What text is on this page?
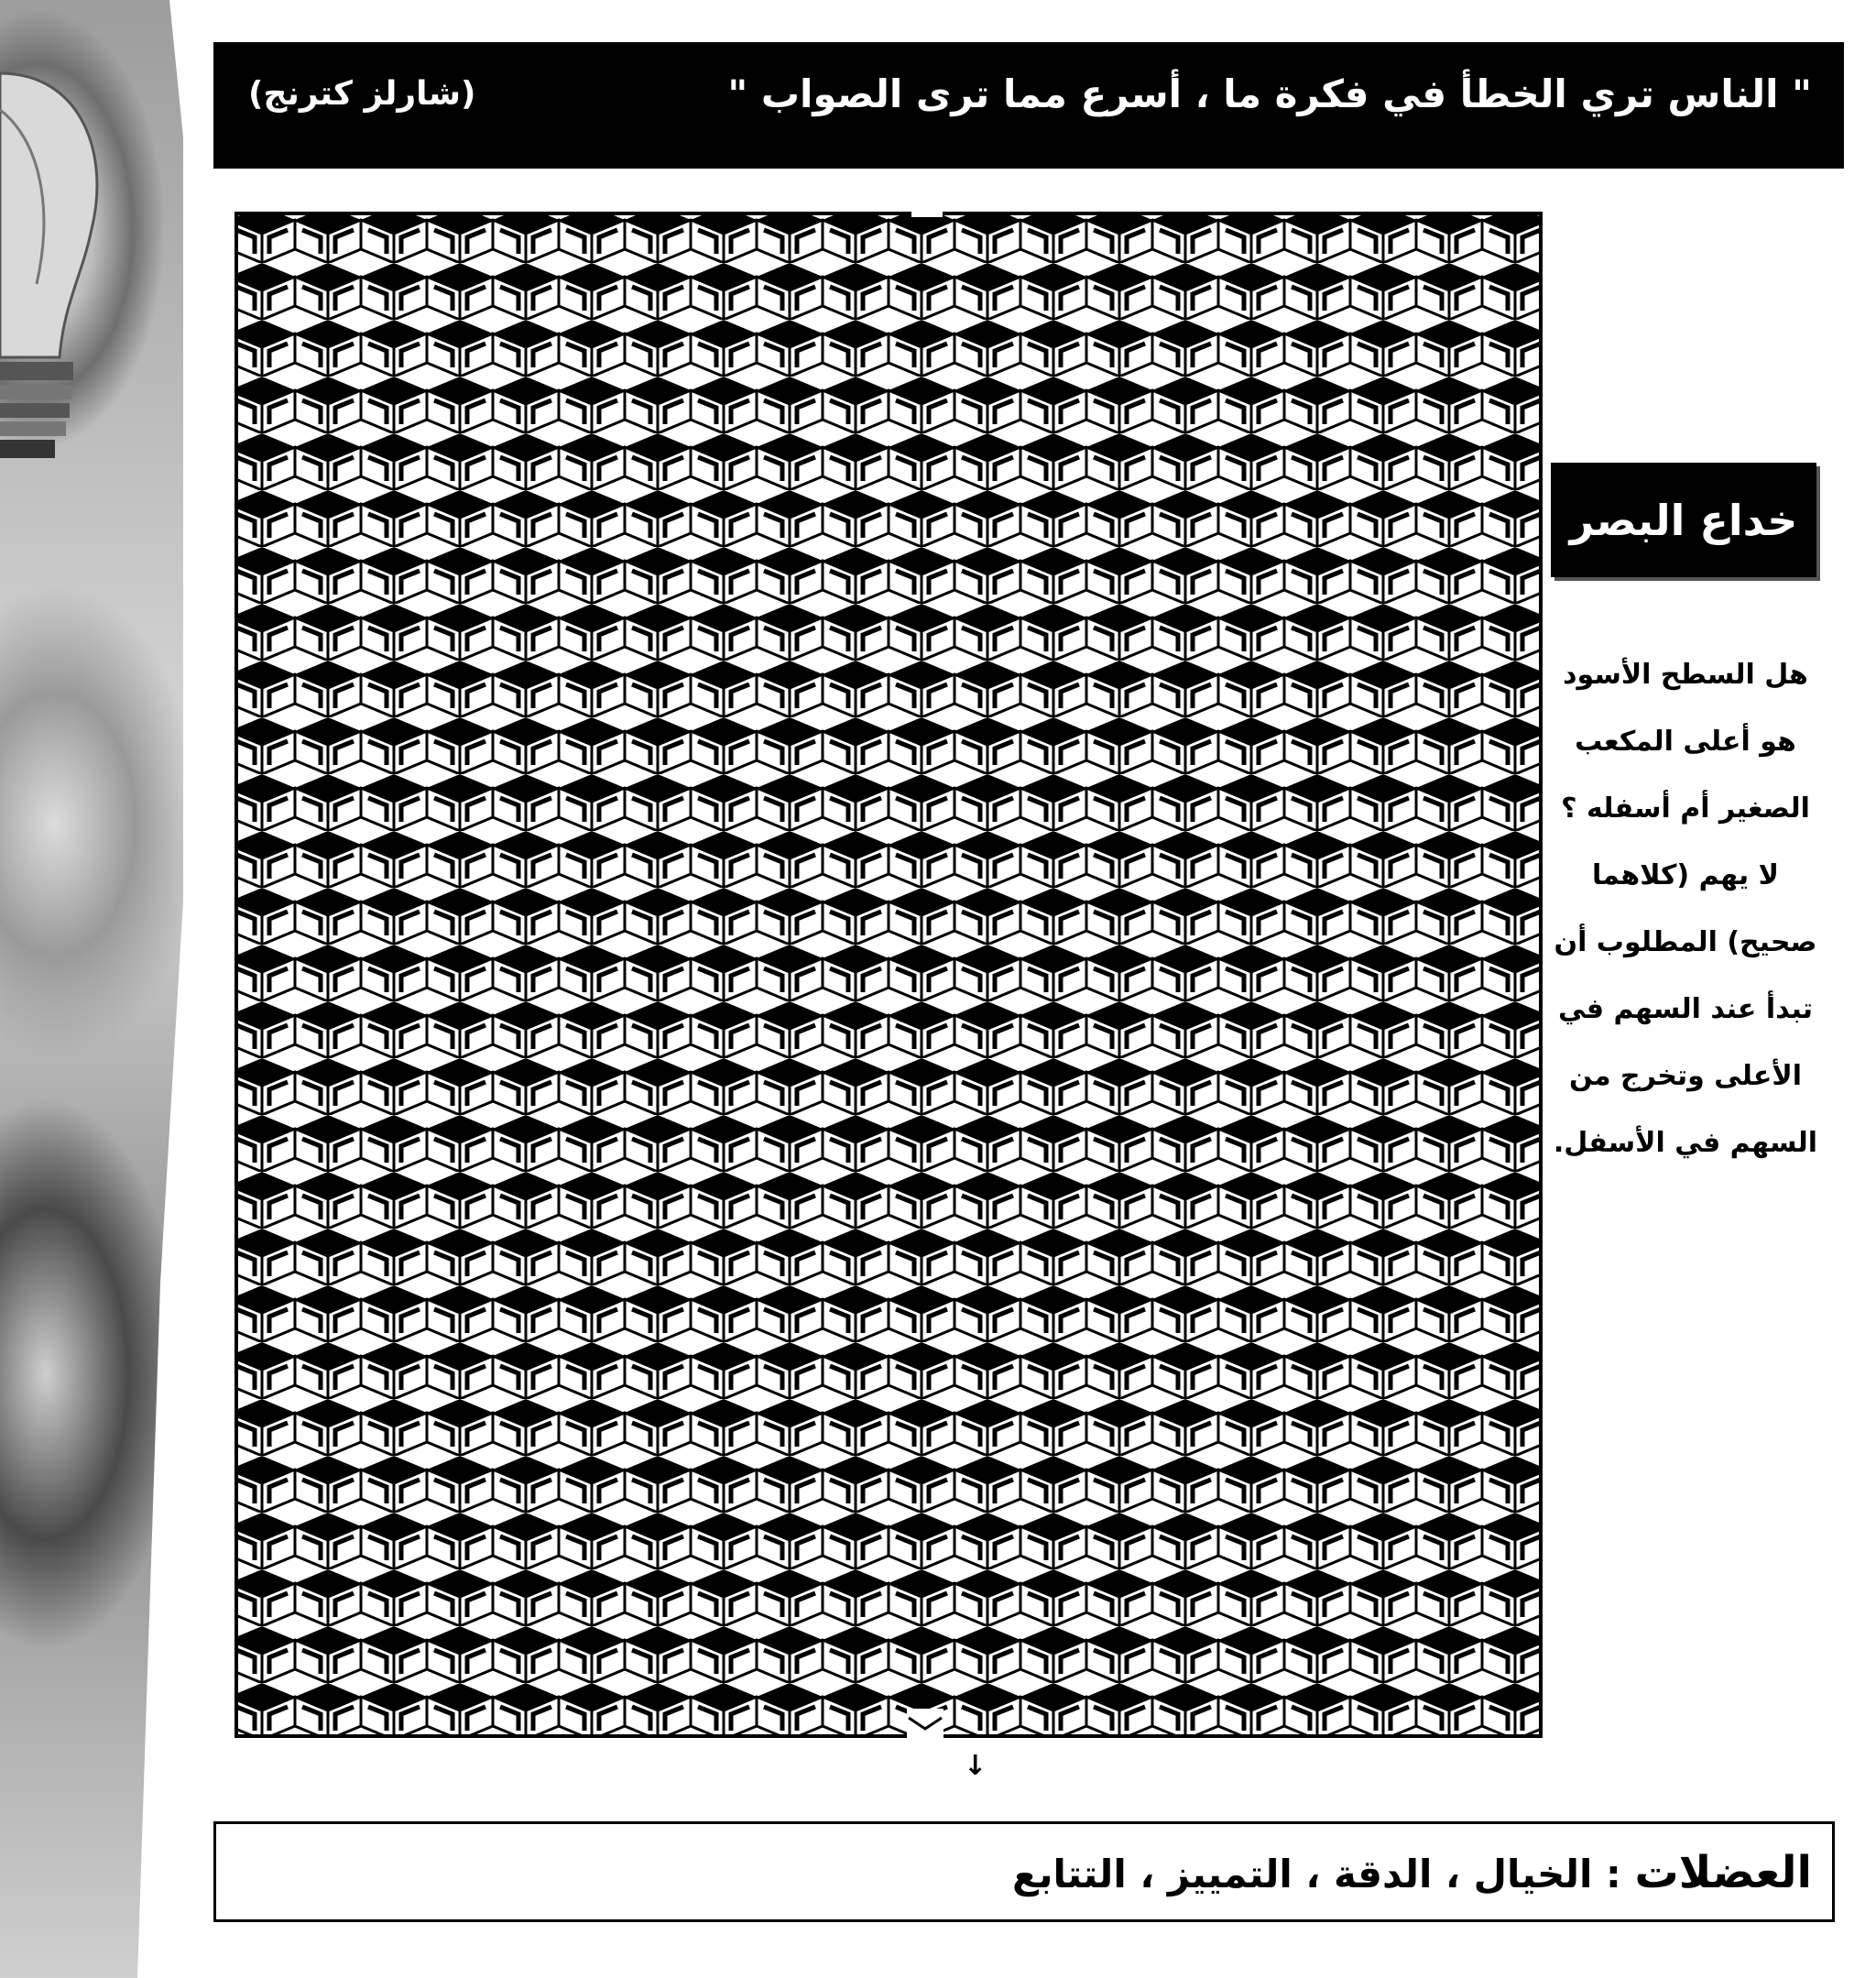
" الناس تري الخطأ في فكرة ما ، أسرع مما ترى الصواب "
(شارلز كترنج)
↓
خداع البصر
هل السطح الأسود
هو أعلى المكعب
الصغير أم أسفله ؟
لا يهم (كلاهما
صحيح) المطلوب أن
تبدأ عند السهم في
الأعلى وتخرج من
السهم في الأسفل.
العضلات : الخيال ، الدقة ، التمييز ، التتابع
